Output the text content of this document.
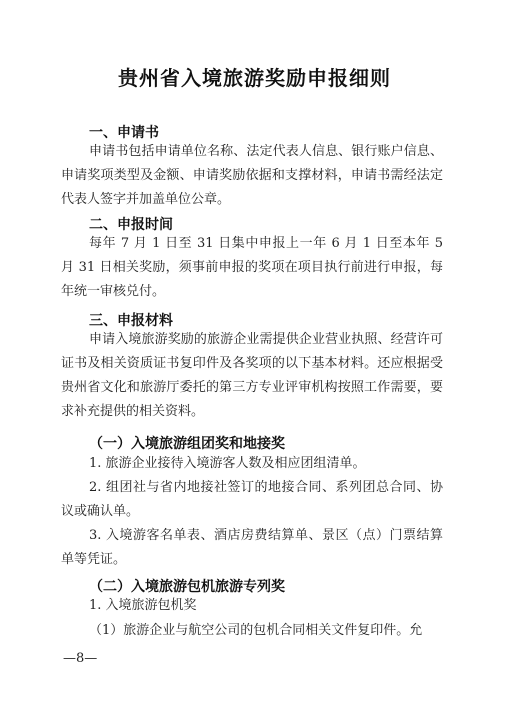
贵州省入境旅游奖励申报细则
一、申请书
申请书包括申请单位名称、法定代表人信息、银行账户信息、申请奖项类型及金额、申请奖励依据和支撑材料，申请书需经法定代表人签字并加盖单位公章。
二、申报时间
每年 7 月 1 日至 31 日集中申报上一年 6 月 1 日至本年 5 月 31 日相关奖励，须事前申报的奖项在项目执行前进行申报，每年统一审核兑付。
三、申报材料
申请入境旅游奖励的旅游企业需提供企业营业执照、经营许可证书及相关资质证书复印件及各奖项的以下基本材料。还应根据受贵州省文化和旅游厅委托的第三方专业评审机构按照工作需要，要求补充提供的相关资料。
（一）入境旅游组团奖和地接奖
1. 旅游企业接待入境游客人数及相应团组清单。
2. 组团社与省内地接社签订的地接合同、系列团总合同、协议或确认单。
3. 入境游客名单表、酒店房费结算单、景区（点）门票结算单等凭证。
（二）入境旅游包机旅游专列奖
1. 入境旅游包机奖
（1）旅游企业与航空公司的包机合同相关文件复印件。允
—8—
